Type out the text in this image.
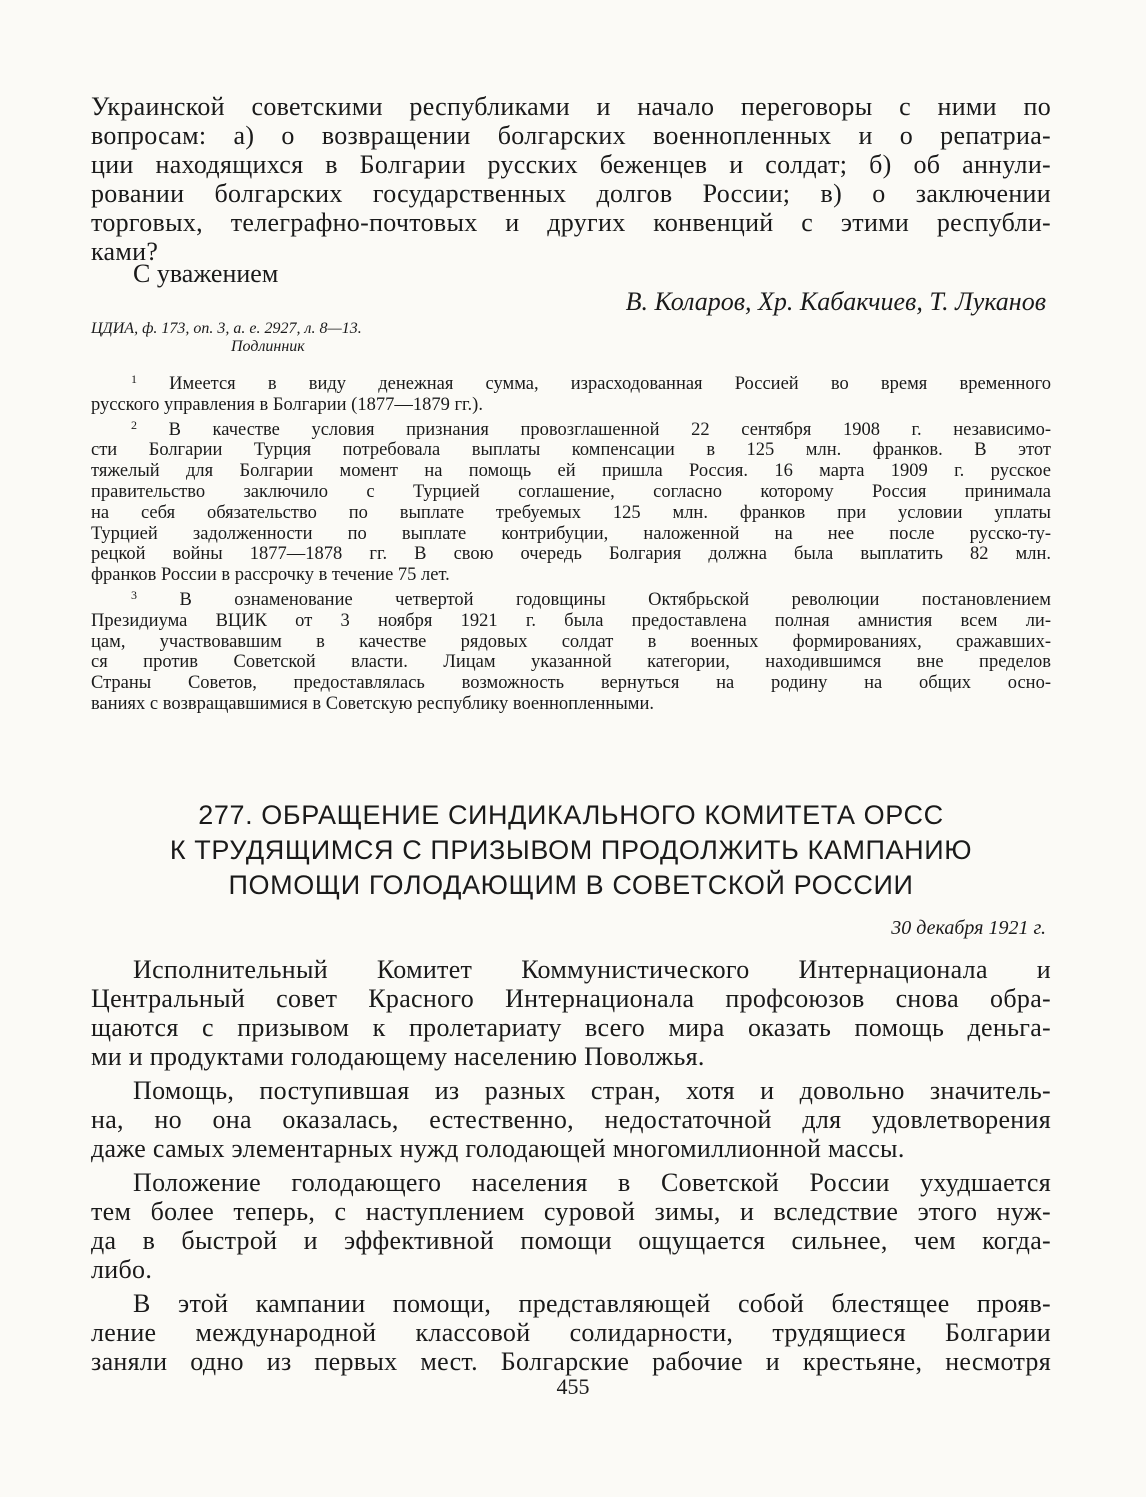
Украинской советскими республиками и начало переговоры с ними по
вопросам: а) о возвращении болгарских военнопленных и о репатриа-
ции находящихся в Болгарии русских беженцев и солдат; б) об аннули-
ровании болгарских государственных долгов России; в) о заключении
торговых, телеграфно-почтовых и других конвенций с этими республи-
ками?
С уважением
В. Коларов, Хр. Кабакчиев, Т. Луканов
ЦДИА, ф. 173, оп. 3, а. е. 2927, л. 8—13.
Подлинник
$^1$ Имеется в виду денежная сумма, израсходованная Россией во время временного
русского управления в Болгарии (1877—1879 гг.).
$^2$ В качестве условия признания провозглашенной 22 сентября 1908 г. независимо-
сти Болгарии Турция потребовала выплаты компенсации в 125 млн. франков. В этот
тяжелый для Болгарии момент на помощь ей пришла Россия. 16 марта 1909 г. русское
правительство заключило с Турцией соглашение, согласно которому Россия принимала
на себя обязательство по выплате требуемых 125 млн. франков при условии уплаты
Турцией задолженности по выплате контрибуции, наложенной на нее после русско-ту-
рецкой войны 1877—1878 гг. В свою очередь Болгария должна была выплатить 82 млн.
франков России в рассрочку в течение 75 лет.
$^3$ В ознаменование четвертой годовщины Октябрьской революции постановлением
Президиума ВЦИК от 3 ноября 1921 г. была предоставлена полная амнистия всем ли-
цам, участвовавшим в качестве рядовых солдат в военных формированиях, сражавших-
ся против Советской власти. Лицам указанной категории, находившимся вне пределов
Страны Советов, предоставлялась возможность вернуться на родину на общих осно-
ваниях с возвращавшимися в Советскую республику военнопленными.
277. ОБРАЩЕНИЕ СИНДИКАЛЬНОГО КОМИТЕТА ОРСС
К ТРУДЯЩИМСЯ С ПРИЗЫВОМ ПРОДОЛЖИТЬ КАМПАНИЮ
ПОМОЩИ ГОЛОДАЮЩИМ В СОВЕТСКОЙ РОССИИ
30 декабря 1921 г.
Исполнительный Комитет Коммунистического Интернационала и
Центральный совет Красного Интернационала профсоюзов снова обра-
щаются с призывом к пролетариату всего мира оказать помощь деньга-
ми и продуктами голодающему населению Поволжья.
Помощь, поступившая из разных стран, хотя и довольно значитель-
на, но она оказалась, естественно, недостаточной для удовлетворения
даже самых элементарных нужд голодающей многомиллионной массы.
Положение голодающего населения в Советской России ухудшается
тем более теперь, с наступлением суровой зимы, и вследствие этого нуж-
да в быстрой и эффективной помощи ощущается сильнее, чем когда-
либо.
В этой кампании помощи, представляющей собой блестящее прояв-
ление международной классовой солидарности, трудящиеся Болгарии
заняли одно из первых мест. Болгарские рабочие и крестьяне, несмотря
455
